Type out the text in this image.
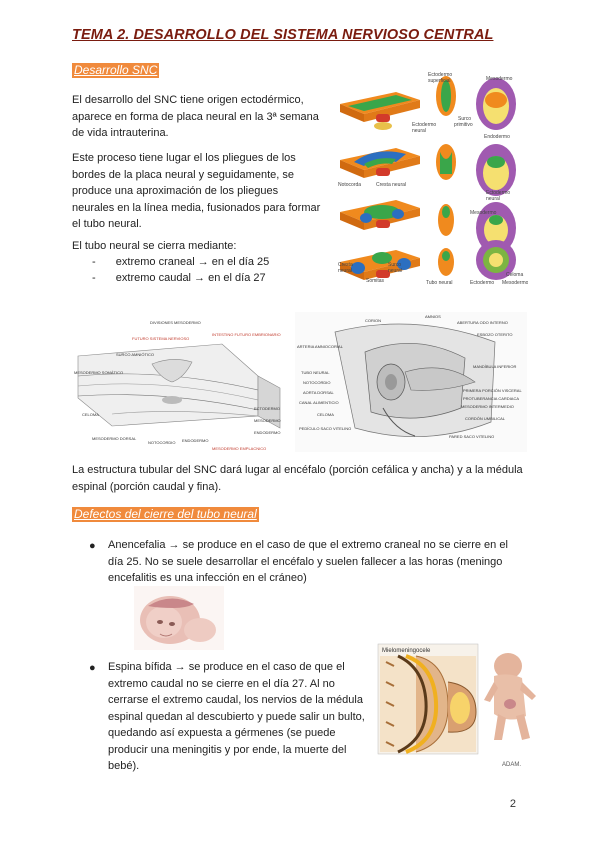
TEMA 2. DESARROLLO DEL SISTEMA NERVIOSO CENTRAL
Desarrollo SNC
El desarrollo del SNC tiene origen ectodérmico,
aparece en forma de placa neural en la 3ª semana
de vida intrauterina.
Este proceso tiene lugar el los pliegues de los
bordes de la placa neural y seguidamente, se
produce una aproximación de los pliegues
neurales en la línea media, fusionados para formar
el tubo neural.
El tubo neural se cierra mediante:
- extremo craneal → en el día 25
- extremo caudal → en el día 27
Ectodermo
superficial	Mesodermo
Ectodermo
neural
Surco
primitivo
Endodermo
Notocorda	Cresta neural
Ectodermo
neural
Mesodermo
Cresta
neural
Surco
neural
Tubo neural
Somitas	Mesodermo
Ectodermo
Celoma
DIVISIONES MESODERMO
FUTURO SISTEMA NERVIOSO
INTESTINO FUTURO EMBRIONARIO
SURCO AMNIÓTICO
MESODERMO SOMÁTICO
CELOMA
MESODERMO DORSAL
NOTOCORDIO ENDODERMO
ECTODERMO
MESODERMO
ENDODERMO
MESODERMO EMPLACNICO
CORION
AMNIOS
ABERTURA ODO INTERNO
ESBOZO OTERITO
ARTERIA AMNIOCORIAL
TUBO NEURAL
NOTOCORDIO
AORTA DORSAL
CANAL ALIMENTICIO
CELOMA
PEDÍCULO SACO VITELINO
MANDÍBULA INFERIOR
PRIMERA PORCIÓN VISCERAL
PROTUBERANCIA CARDIACA
MESODERMO INTERMEDIO
CORDÓN UMBILICAL
PARED SACO VITELINO
La estructura tubular del SNC dará lugar al encéfalo (porción cefálica y ancha) y a la médula
espinal (porción caudal y fina).
Defectos del cierre del tubo neural
● Anencefalia → se produce en el caso de que el extremo craneal no se cierre en el
día 25. No se suele desarrollar el encéfalo y suelen fallecer a las horas (meningo
encefalitis es una infección en el cráneo)
● Espina bífida → se produce en el caso de que el
extremo caudal no se cierre en el día 27. Al no
cerrarse el extremo caudal, los nervios de la médula
espinal quedan al descubierto y puede salir un bulto,
quedando así expuesta a gérmenes (se puede
producir una meningitis y por ende, la muerte del
bebé).
Mielomeningocele
ADAM.
2
